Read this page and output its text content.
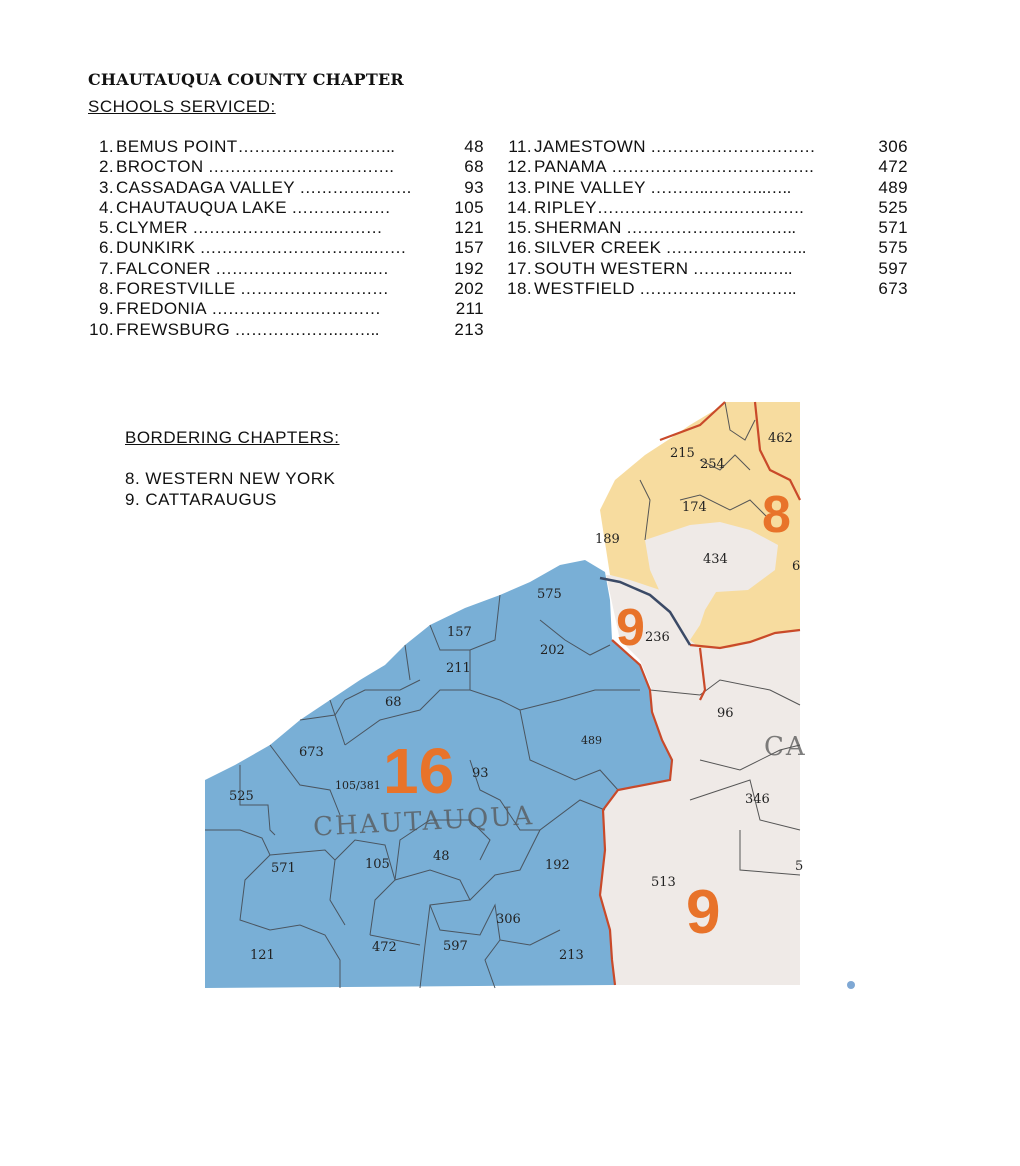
CHAUTAUQUA COUNTY CHAPTER
SCHOOLS SERVICED:
1. BEMUS POINT………………………..	48
2. BROCTON …………………………….	68
3. CASSADAGA VALLEY …………..…….	93
4. CHAUTAUQUA LAKE ………………	105
5. CLYMER ……………………..………	121
6. DUNKIRK …………………………..……	157
7. FALCONER ………………………..…	192
8. FORESTVILLE ………………………	202
9. FREDONIA ……………….…………	211
10. FREWSBURG ……………….……..	213
11. JAMESTOWN …………………………	306
12. PANAMA ……………………………….	472
13. PINE VALLEY ………..………..…..	489
14. RIPLEY…………………….………….	525
15. SHERMAN ……………….…..……..	571
16. SILVER CREEK ……………………..	575
17. SOUTH WESTERN …………..…..	597
18. WESTFIELD ………………………..	673
BORDERING CHAPTERS:
8. WESTERN NEW YORK
9. CATTARAUGUS
575
157
202
211
68
489
673
105/381
93
525
571	105
48
192
306
121
472	597
213
215
254
462
174
189
434
236
96
346
513
6
5
CHAUTAUQUA
CA
16
8
9
9
